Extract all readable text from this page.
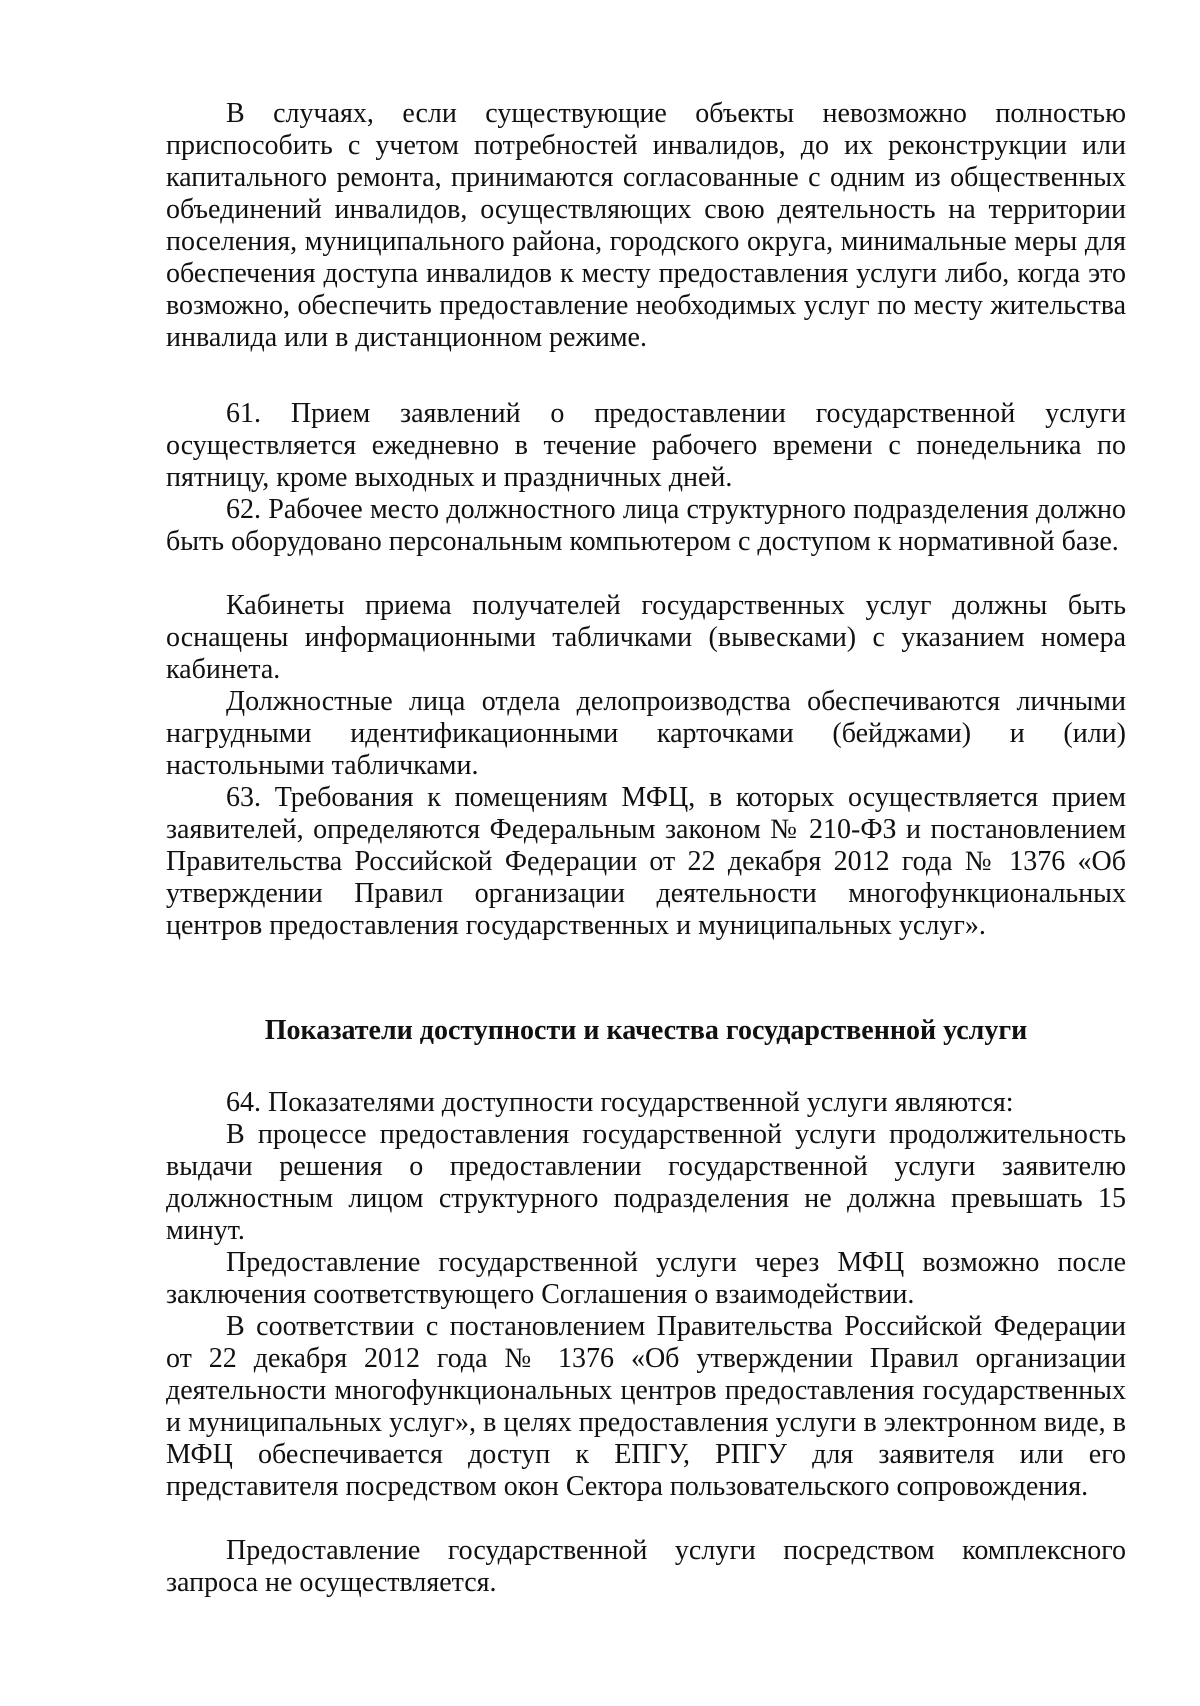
В случаях, если существующие объекты невозможно полностью приспособить с учетом потребностей инвалидов, до их реконструкции или капитального ремонта, принимаются согласованные с одним из общественных объединений инвалидов, осуществляющих свою деятельность на территории поселения, муниципального района, городского округа, минимальные меры для обеспечения доступа инвалидов к месту предоставления услуги либо, когда это возможно, обеспечить предоставление необходимых услуг по месту жительства инвалида или в дистанционном режиме.

61. Прием заявлений о предоставлении государственной услуги осуществляется ежедневно в течение рабочего времени с понедельника по пятницу, кроме выходных и праздничных дней.

62. Рабочее место должностного лица структурного подразделения должно быть оборудовано персональным компьютером с доступом к нормативной базе.

Кабинеты приема получателей государственных услуг должны быть оснащены информационными табличками (вывесками) с указанием номера кабинета.

Должностные лица отдела делопроизводства обеспечиваются личными нагрудными идентификационными карточками (бейджами) и (или) настольными табличками.

63. Требования к помещениям МФЦ, в которых осуществляется прием заявителей, определяются Федеральным законом № 210-ФЗ и постановлением Правительства Российской Федерации от 22 декабря 2012 года № 1376 «Об утверждении Правил организации деятельности многофункциональных центров предоставления государственных и муниципальных услуг».

Показатели доступности и качества государственной услуги

64. Показателями доступности государственной услуги являются:

В процессе предоставления государственной услуги продолжительность выдачи решения о предоставлении государственной услуги заявителю должностным лицом структурного подразделения не должна превышать 15 минут.

Предоставление государственной услуги через МФЦ возможно после заключения соответствующего Соглашения о взаимодействии.

В соответствии с постановлением Правительства Российской Федерации от 22 декабря 2012 года № 1376 «Об утверждении Правил организации деятельности многофункциональных центров предоставления государственных и муниципальных услуг», в целях предоставления услуги в электронном виде, в МФЦ обеспечивается доступ к ЕПГУ, РПГУ для заявителя или его представителя посредством окон Сектора пользовательского сопровождения.

Предоставление государственной услуги посредством комплексного запроса не осуществляется.
